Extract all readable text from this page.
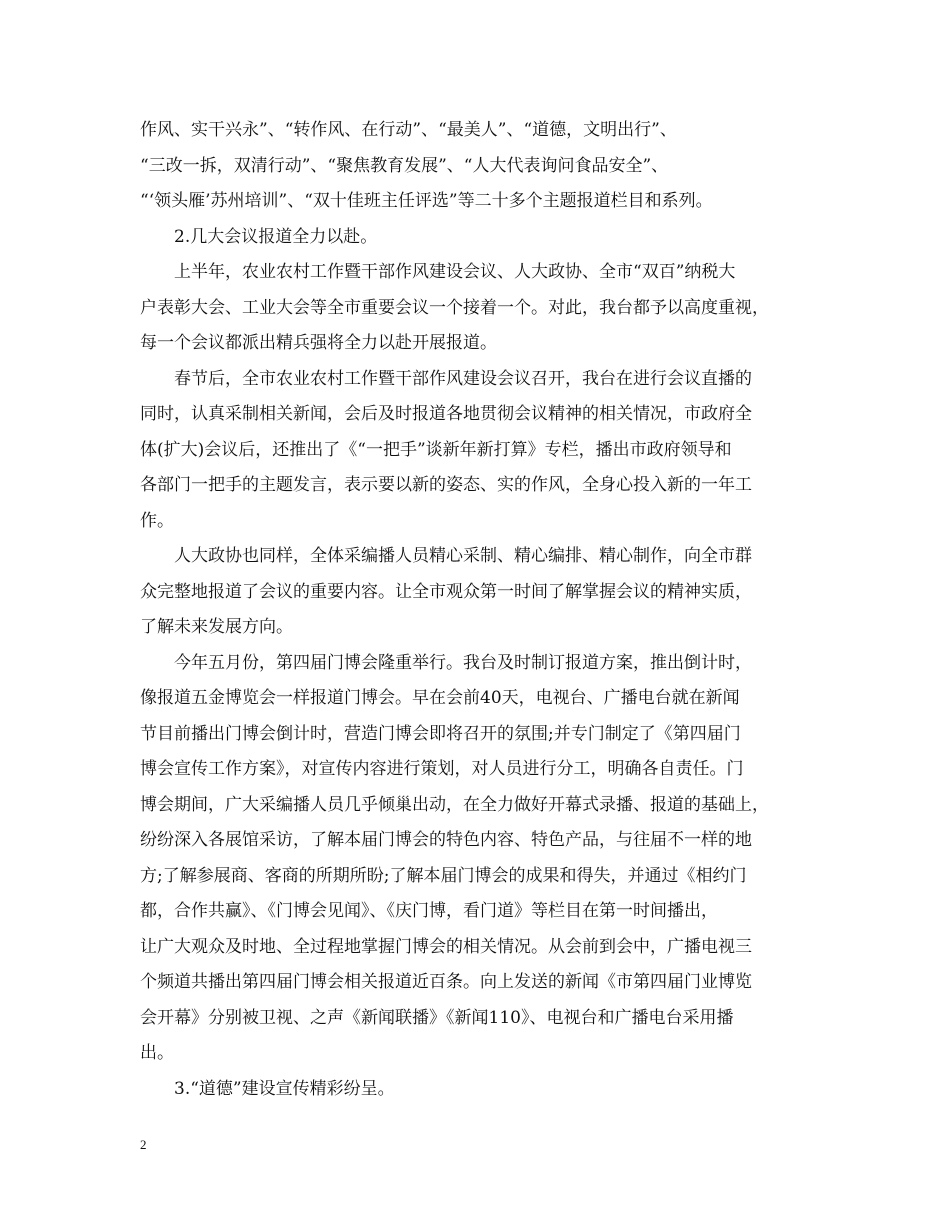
作风、实干兴永”、“转作风、在行动”、“最美人”、“道德，文明出行”、
“三改一拆，双清行动”、“聚焦教育发展”、“人大代表询问食品安全”、
“‘领头雁’苏州培训”、“双十佳班主任评选”等二十多个主题报道栏目和系列。
2.几大会议报道全力以赴。
上半年，农业农村工作暨干部作风建设会议、人大政协、全市“双百”纳税大
户表彰大会、工业大会等全市重要会议一个接着一个。对此，我台都予以高度重视，
每一个会议都派出精兵强将全力以赴开展报道。
春节后，全市农业农村工作暨干部作风建设会议召开，我台在进行会议直播的
同时，认真采制相关新闻，会后及时报道各地贯彻会议精神的相关情况，市政府全
体(扩大)会议后，还推出了《“一把手”谈新年新打算》专栏，播出市政府领导和
各部门一把手的主题发言，表示要以新的姿态、实的作风，全身心投入新的一年工
作。
人大政协也同样，全体采编播人员精心采制、精心编排、精心制作，向全市群
众完整地报道了会议的重要内容。让全市观众第一时间了解掌握会议的精神实质，
了解未来发展方向。
今年五月份，第四届门博会隆重举行。我台及时制订报道方案，推出倒计时，
像报道五金博览会一样报道门博会。早在会前40天，电视台、广播电台就在新闻
节目前播出门博会倒计时，营造门博会即将召开的氛围;并专门制定了《第四届门
博会宣传工作方案》，对宣传内容进行策划，对人员进行分工，明确各自责任。门
博会期间，广大采编播人员几乎倾巢出动，在全力做好开幕式录播、报道的基础上，
纷纷深入各展馆采访，了解本届门博会的特色内容、特色产品，与往届不一样的地
方;了解参展商、客商的所期所盼;了解本届门博会的成果和得失，并通过《相约门
都，合作共赢》、《门博会见闻》、《庆门博，看门道》等栏目在第一时间播出，
让广大观众及时地、全过程地掌握门博会的相关情况。从会前到会中，广播电视三
个频道共播出第四届门博会相关报道近百条。向上发送的新闻《市第四届门业博览
会开幕》分别被卫视、之声《新闻联播》《新闻110》、电视台和广播电台采用播
出。
3.“道德”建设宣传精彩纷呈。
2
